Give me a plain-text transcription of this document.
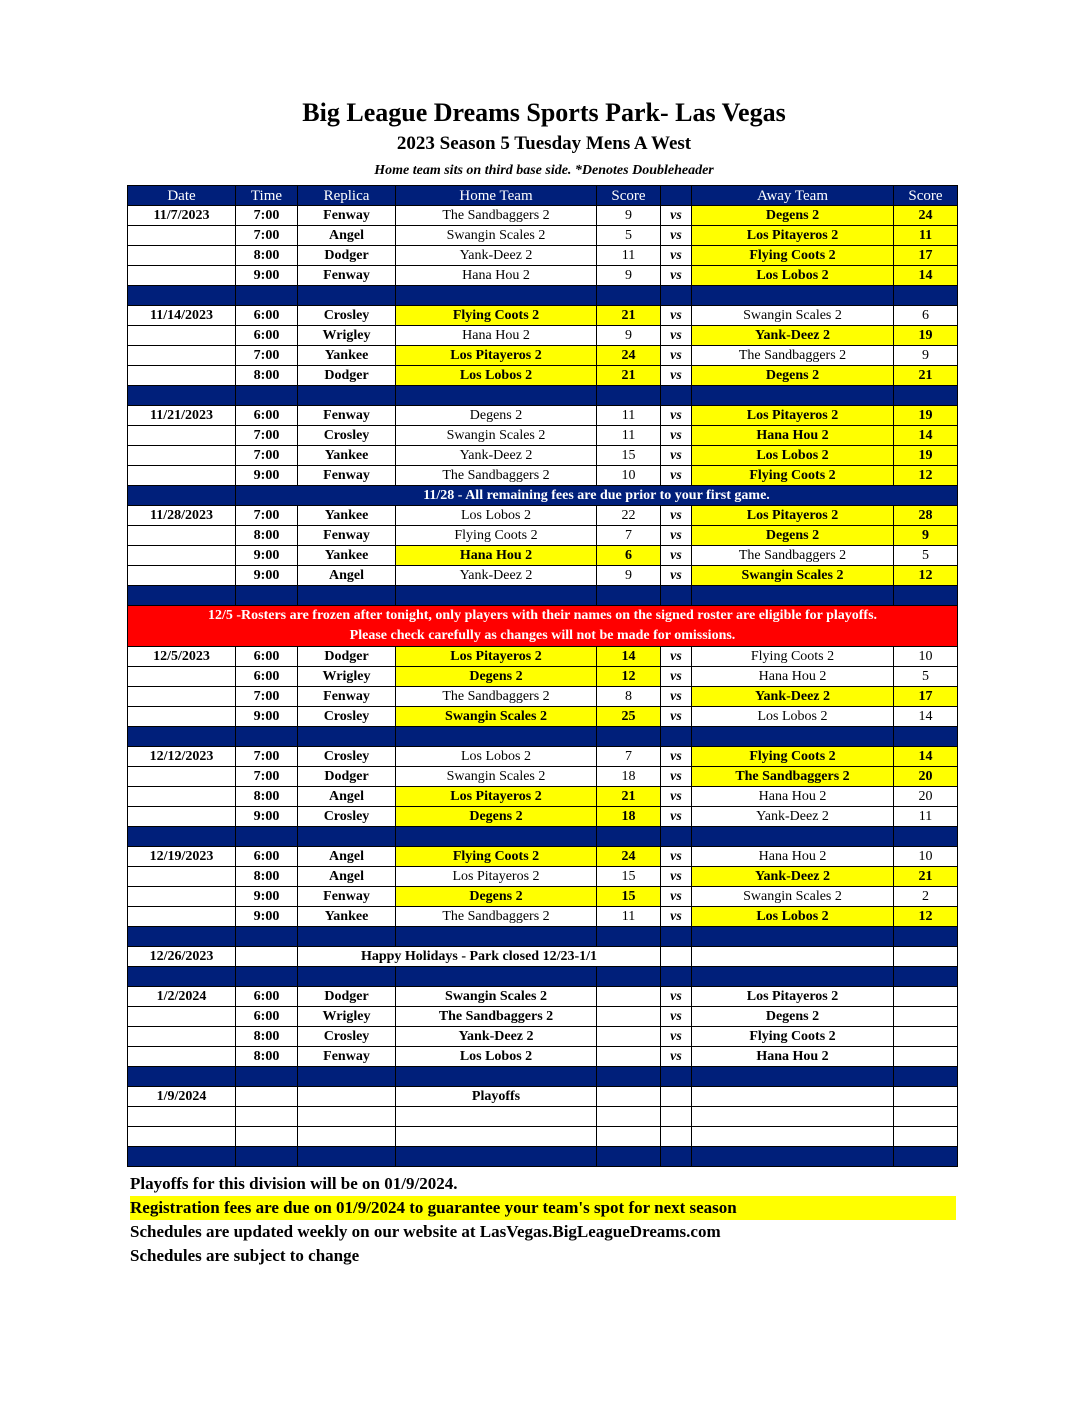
Big League Dreams Sports Park- Las Vegas
2023 Season 5 Tuesday Mens A West
Home team sits on third base side. *Denotes Doubleheader
Date	Time	Replica	Home Team	Score		Away Team	Score
11/7/2023	7:00	Fenway	The Sandbaggers 2	9	vs	Degens 2	24
	7:00	Angel	Swangin Scales 2	5	vs	Los Pitayeros 2	11
	8:00	Dodger	Yank-Deez 2	11	vs	Flying Coots 2	17
	9:00	Fenway	Hana Hou 2	9	vs	Los Lobos 2	14

11/14/2023	6:00	Crosley	Flying Coots 2	21	vs	Swangin Scales 2	6
	6:00	Wrigley	Hana Hou 2	9	vs	Yank-Deez 2	19
	7:00	Yankee	Los Pitayeros 2	24	vs	The Sandbaggers 2	9
	8:00	Dodger	Los Lobos 2	21	vs	Degens 2	21

11/21/2023	6:00	Fenway	Degens 2	11	vs	Los Pitayeros 2	19
	7:00	Crosley	Swangin Scales 2	11	vs	Hana Hou 2	14
	7:00	Yankee	Yank-Deez 2	15	vs	Los Lobos 2	19
	9:00	Fenway	The Sandbaggers 2	10	vs	Flying Coots 2	12
	11/28 - All remaining fees are due prior to your first game.						
11/28/2023	7:00	Yankee	Los Lobos 2	22	vs	Los Pitayeros 2	28
	8:00	Fenway	Flying Coots 2	7	vs	Degens 2	9
	9:00	Yankee	Hana Hou 2	6	vs	The Sandbaggers 2	5
	9:00	Angel	Yank-Deez 2	9	vs	Swangin Scales 2	12

12/5 -Rosters are frozen after tonight, only players with their names on the signed roster are eligible for playoffs.
Please check carefully as changes will not be made for omissions.							

12/5/2023	6:00	Dodger	Los Pitayeros 2	14	vs	Flying Coots 2	10
	6:00	Wrigley	Degens 2	12	vs	Hana Hou 2	5
	7:00	Fenway	The Sandbaggers 2	8	vs	Yank-Deez 2	17
	9:00	Crosley	Swangin Scales 2	25	vs	Los Lobos 2	14

12/12/2023	7:00	Crosley	Los Lobos 2	7	vs	Flying Coots 2	14
	7:00	Dodger	Swangin Scales 2	18	vs	The Sandbaggers 2	20
	8:00	Angel	Los Pitayeros 2	21	vs	Hana Hou 2	20
	9:00	Crosley	Degens 2	18	vs	Yank-Deez 2	11

12/19/2023	6:00	Angel	Flying Coots 2	24	vs	Hana Hou 2	10
	8:00	Angel	Los Pitayeros 2	15	vs	Yank-Deez 2	21
	9:00	Fenway	Degens 2	15	vs	Swangin Scales 2	2
	9:00	Yankee	The Sandbaggers 2	11	vs	Los Lobos 2	12

12/26/2023		Happy Holidays - Park closed 12/23-1/1					

1/2/2024	6:00	Dodger	Swangin Scales 2		vs	Los Pitayeros 2	
	6:00	Wrigley	The Sandbaggers 2		vs	Degens 2	
	8:00	Crosley	Yank-Deez 2		vs	Flying Coots 2	
	8:00	Fenway	Los Lobos 2		vs	Hana Hou 2	

1/9/2024			Playoffs				

Playoffs for this division will be on 01/9/2024.
Registration fees are due on 01/9/2024 to guarantee your team's spot for next season
Schedules are updated weekly on our website at LasVegas.BigLeagueDreams.com
Schedules are subject to change
